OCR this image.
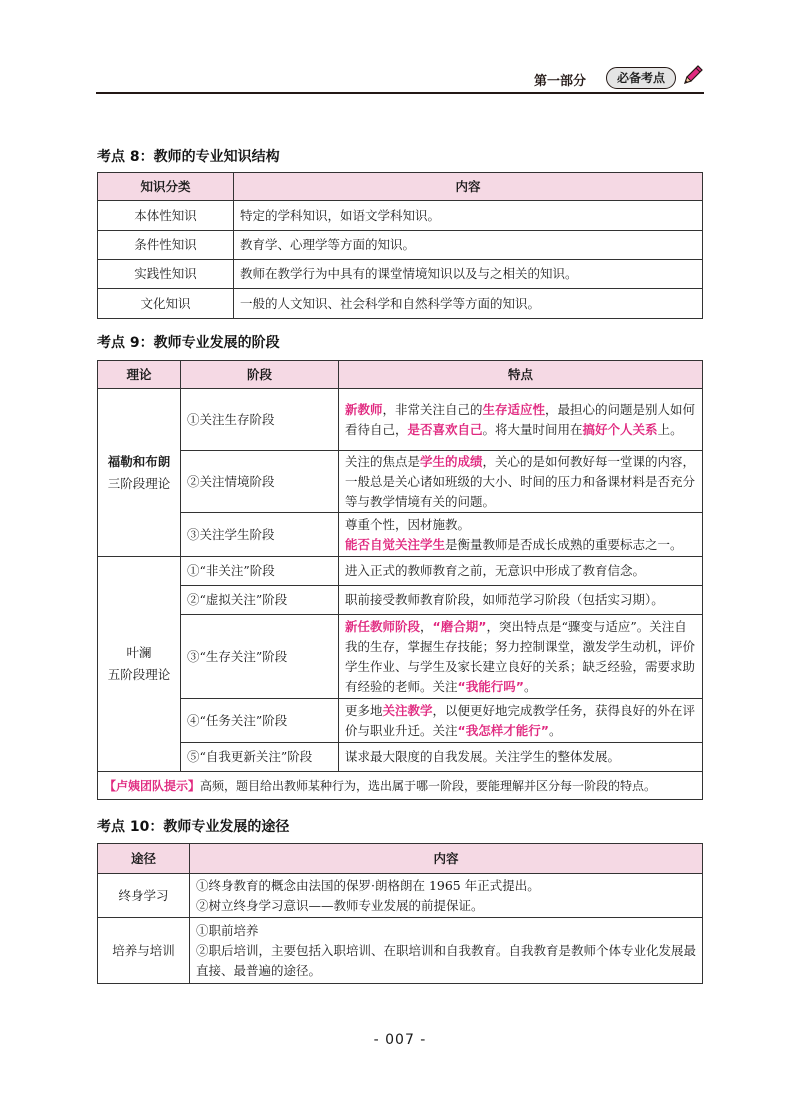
第一部分	必备考点
考点 8：教师的专业知识结构
知识分类	内容
本体性知识	特定的学科知识，如语文学科知识。
条件性知识	教育学、心理学等方面的知识。
实践性知识	教师在教学行为中具有的课堂情境知识以及与之相关的知识。
文化知识	一般的人文知识、社会科学和自然科学等方面的知识。
考点 9：教师专业发展的阶段
理论	阶段	特点
福勒和布朗
三阶段理论	①关注生存阶段	新教师，非常关注自己的生存适应性，最担心的问题是别人如何看待自己，是否喜欢自己。将大量时间用在搞好个人关系上。
	②关注情境阶段	关注的焦点是学生的成绩，关心的是如何教好每一堂课的内容，一般总是关心诸如班级的大小、时间的压力和备课材料是否充分等与教学情境有关的问题。
	③关注学生阶段	尊重个性，因材施教。
能否自觉关注学生是衡量教师是否成长成熟的重要标志之一。
叶澜
五阶段理论	①“非关注”阶段	进入正式的教师教育之前，无意识中形成了教育信念。
	②“虚拟关注”阶段	职前接受教师教育阶段，如师范学习阶段（包括实习期）。
	③“生存关注”阶段	新任教师阶段，“磨合期”，突出特点是“骤变与适应”。关注自我的生存，掌握生存技能；努力控制课堂，激发学生动机，评价学生作业、与学生及家长建立良好的关系；缺乏经验，需要求助有经验的老师。关注“我能行吗”。
	④“任务关注”阶段	更多地关注教学，以便更好地完成教学任务，获得良好的外在评价与职业升迁。关注“我怎样才能行”。
	⑤“自我更新关注”阶段	谋求最大限度的自我发展。关注学生的整体发展。
【卢姨团队提示】高频，题目给出教师某种行为，选出属于哪一阶段，要能理解并区分每一阶段的特点。		
考点 10：教师专业发展的途径
途径	内容
终身学习	①终身教育的概念由法国的保罗·朗格朗在 1965 年正式提出。
②树立终身学习意识——教师专业发展的前提保证。
培养与培训	①职前培养
②职后培训，主要包括入职培训、在职培训和自我教育。自我教育是教师个体专业化发展最直接、最普遍的途径。
- 007 -
